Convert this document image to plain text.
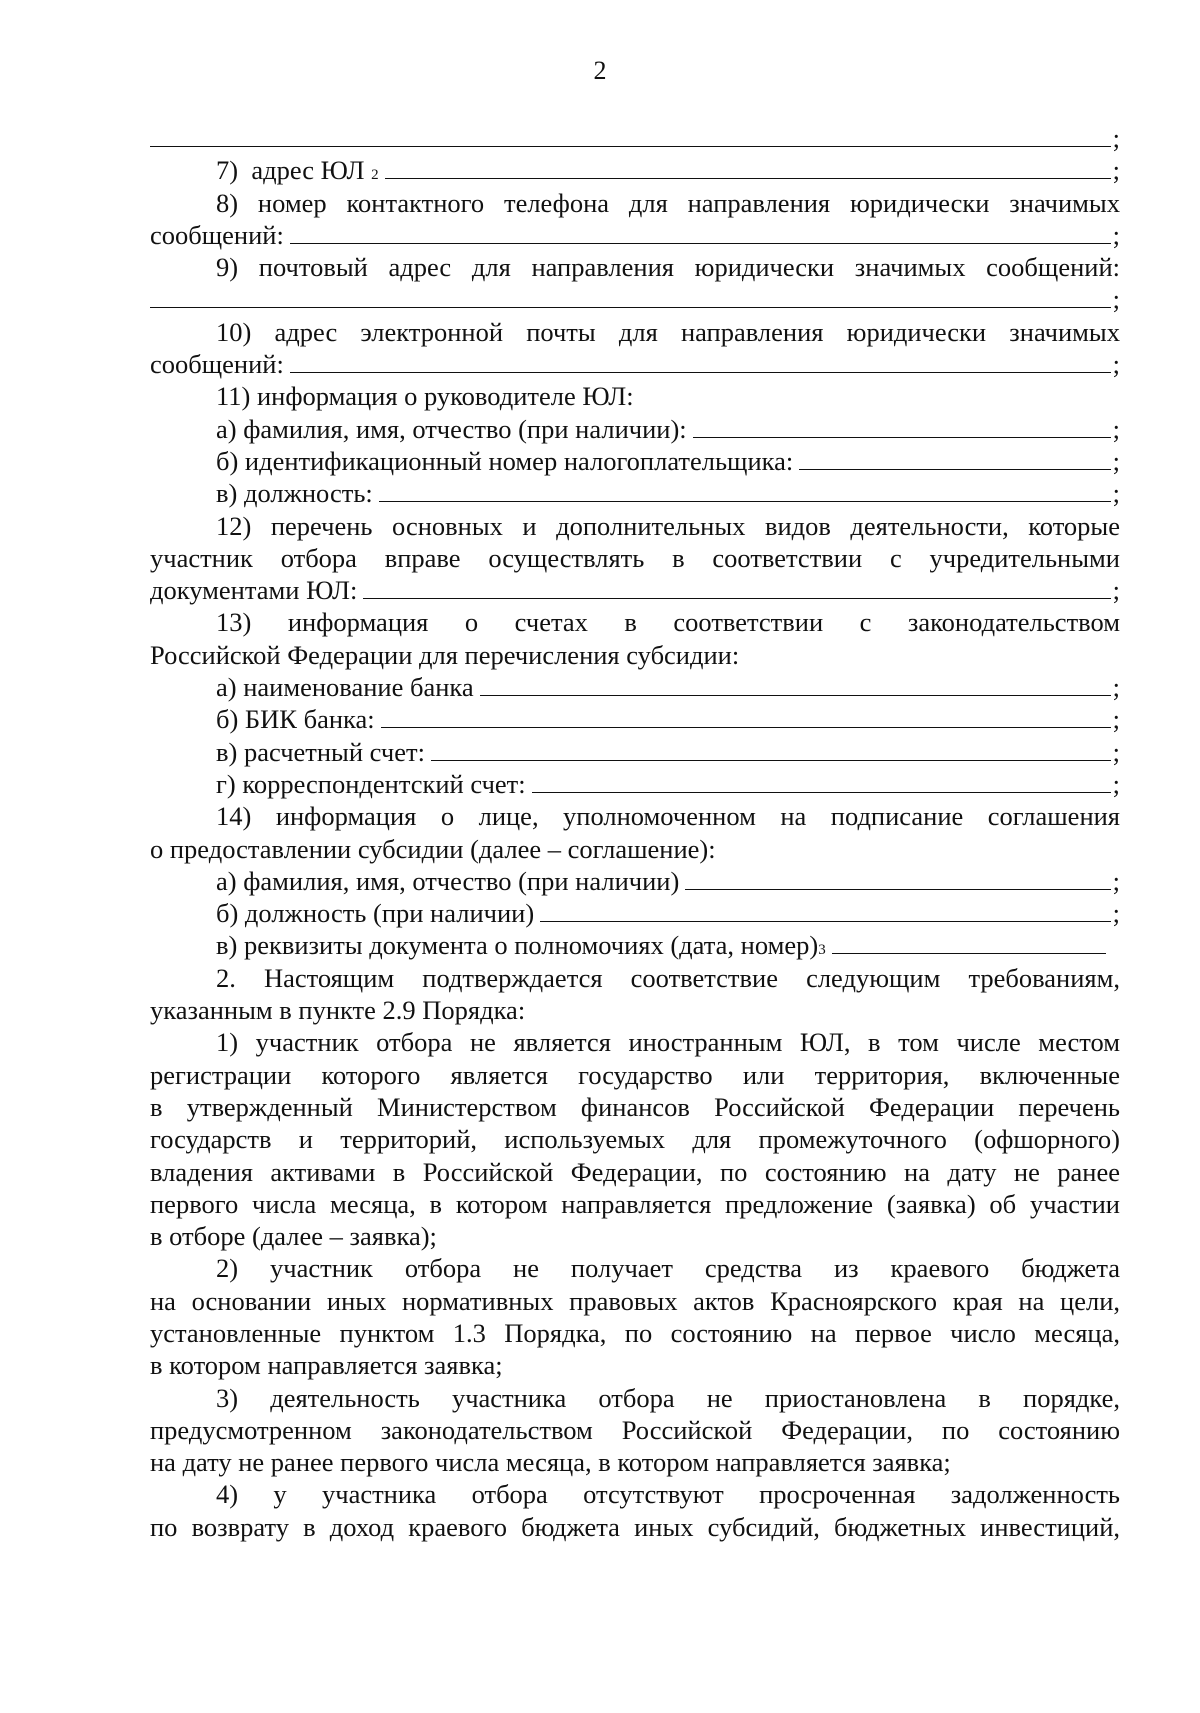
2
;
7)  адрес ЮЛ 2	;
8) номер контактного телефона для направления юридически значимых
сообщений:	;
9) почтовый адрес для направления юридически значимых сообщений:
;
10) адрес электронной почты для направления юридически значимых
сообщений:	;
11) информация о руководителе ЮЛ:
а) фамилия, имя, отчество (при наличии):	;
б) идентификационный номер налогоплательщика:	;
в) должность:	;
12) перечень основных и дополнительных видов деятельности, которые
участник отбора вправе осуществлять в соответствии с учредительными
документами ЮЛ:	;
13) информация о счетах в соответствии с законодательством
Российской Федерации для перечисления субсидии:
а) наименование банка	;
б) БИК банка:	;
в) расчетный счет:	;
г) корреспондентский счет:	;
14) информация о лице, уполномоченном на подписание соглашения
о предоставлении субсидии (далее – соглашение):
а) фамилия, имя, отчество (при наличии)	;
б) должность (при наличии)	;
в) реквизиты документа о полномочиях (дата, номер) 3
2. Настоящим подтверждается соответствие следующим требованиям,
указанным в пункте 2.9 Порядка:
1) участник отбора не является иностранным ЮЛ, в том числе местом
регистрации которого является государство или территория, включенные
в утвержденный Министерством финансов Российской Федерации перечень
государств и территорий, используемых для промежуточного (офшорного)
владения активами в Российской Федерации, по состоянию на дату не ранее
первого числа месяца, в котором направляется предложение (заявка) об участии
в отборе (далее – заявка);
2) участник отбора не получает средства из краевого бюджета
на основании иных нормативных правовых актов Красноярского края на цели,
установленные пунктом 1.3 Порядка, по состоянию на первое число месяца,
в котором направляется заявка;
3) деятельность участника отбора не приостановлена в порядке,
предусмотренном законодательством Российской Федерации, по состоянию
на дату не ранее первого числа месяца, в котором направляется заявка;
4) у участника отбора отсутствуют просроченная задолженность
по возврату в доход краевого бюджета иных субсидий, бюджетных инвестиций,
